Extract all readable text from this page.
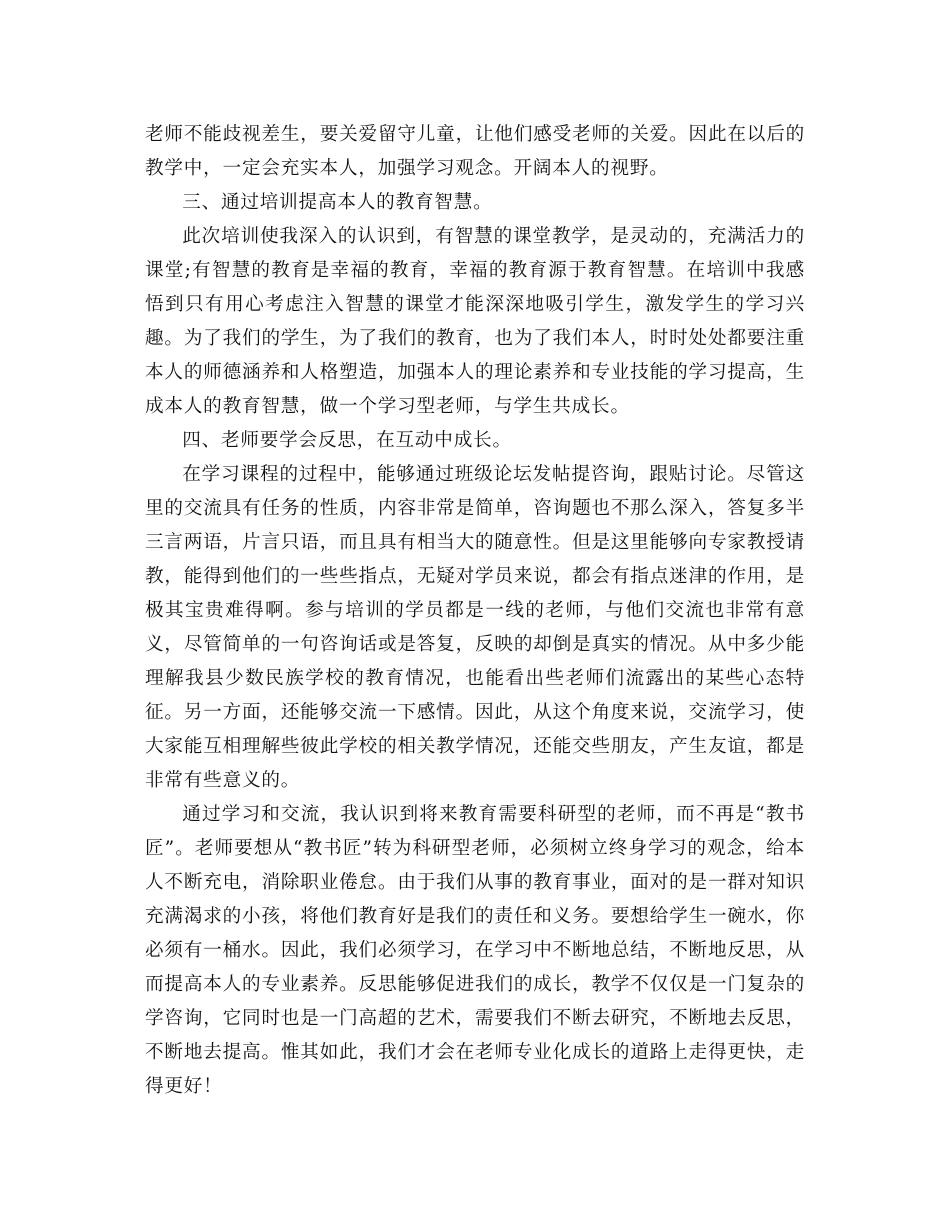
老师不能歧视差生，要关爱留守儿童，让他们感受老师的关爱。因此在以后的教学中，一定会充实本人，加强学习观念。开阔本人的视野。

三、通过培训提高本人的教育智慧。

此次培训使我深入的认识到，有智慧的课堂教学，是灵动的，充满活力的课堂;有智慧的教育是幸福的教育，幸福的教育源于教育智慧。在培训中我感悟到只有用心考虑注入智慧的课堂才能深深地吸引学生，激发学生的学习兴趣。为了我们的学生，为了我们的教育，也为了我们本人，时时处处都要注重本人的师德涵养和人格塑造，加强本人的理论素养和专业技能的学习提高，生成本人的教育智慧，做一个学习型老师，与学生共成长。

四、老师要学会反思，在互动中成长。

在学习课程的过程中，能够通过班级论坛发帖提咨询，跟贴讨论。尽管这里的交流具有任务的性质，内容非常是简单，咨询题也不那么深入，答复多半三言两语，片言只语，而且具有相当大的随意性。但是这里能够向专家教授请教，能得到他们的一些些指点，无疑对学员来说，都会有指点迷津的作用，是极其宝贵难得啊。参与培训的学员都是一线的老师，与他们交流也非常有意义，尽管简单的一句咨询话或是答复，反映的却倒是真实的情况。从中多少能理解我县少数民族学校的教育情况，也能看出些老师们流露出的某些心态特征。另一方面，还能够交流一下感情。因此，从这个角度来说，交流学习，使大家能互相理解些彼此学校的相关教学情况，还能交些朋友，产生友谊，都是非常有些意义的。

通过学习和交流，我认识到将来教育需要科研型的老师，而不再是“教书匠”。老师要想从“教书匠”转为科研型老师，必须树立终身学习的观念，给本人不断充电，消除职业倦怠。由于我们从事的教育事业，面对的是一群对知识充满渴求的小孩，将他们教育好是我们的责任和义务。要想给学生一碗水，你必须有一桶水。因此，我们必须学习，在学习中不断地总结，不断地反思，从而提高本人的专业素养。反思能够促进我们的成长，教学不仅仅是一门复杂的学咨询，它同时也是一门高超的艺术，需要我们不断去研究，不断地去反思，不断地去提高。惟其如此，我们才会在老师专业化成长的道路上走得更快，走得更好！
